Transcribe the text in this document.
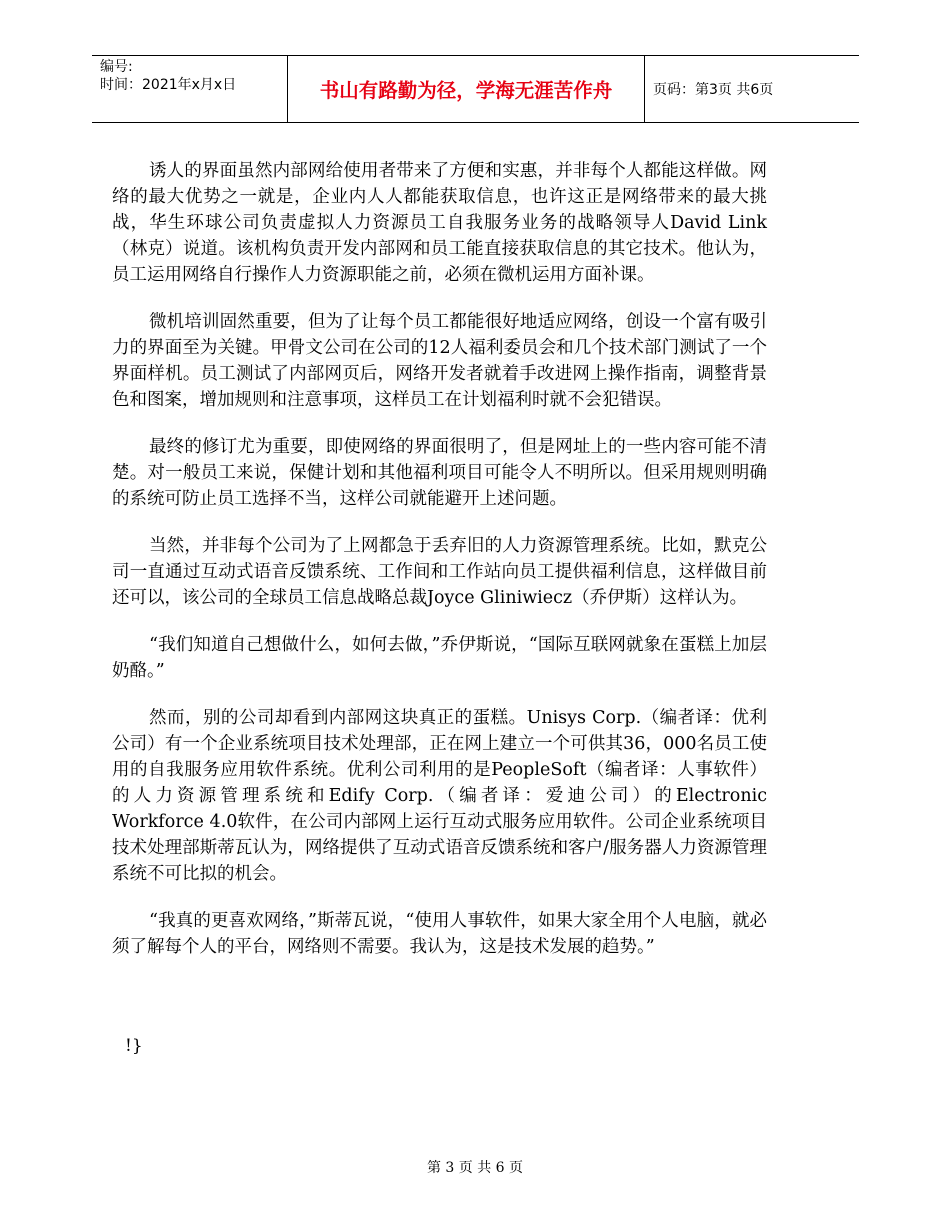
编号:
时间：2021年x月x日	书山有路勤为径，学海无涯苦作舟	页码：第3页 共6页

诱人的界面虽然内部网给使用者带来了方便和实惠，并非每个人都能这样做。网络的最大优势之一就是，企业内人人都能获取信息，也许这正是网络带来的最大挑战，华生环球公司负责虚拟人力资源员工自我服务业务的战略领导人David Link（林克）说道。该机构负责开发内部网和员工能直接获取信息的其它技术。他认为，员工运用网络自行操作人力资源职能之前，必须在微机运用方面补课。

微机培训固然重要，但为了让每个员工都能很好地适应网络，创设一个富有吸引力的界面至为关键。甲骨文公司在公司的12人福利委员会和几个技术部门测试了一个界面样机。员工测试了内部网页后，网络开发者就着手改进网上操作指南，调整背景色和图案，增加规则和注意事项，这样员工在计划福利时就不会犯错误。

最终的修订尤为重要，即使网络的界面很明了，但是网址上的一些内容可能不清楚。对一般员工来说，保健计划和其他福利项目可能令人不明所以。但采用规则明确的系统可防止员工选择不当，这样公司就能避开上述问题。

当然，并非每个公司为了上网都急于丢弃旧的人力资源管理系统。比如，默克公司一直通过互动式语音反馈系统、工作间和工作站向员工提供福利信息，这样做目前还可以，该公司的全球员工信息战略总裁Joyce Gliniwiecz（乔伊斯）这样认为。

“我们知道自己想做什么，如何去做，”乔伊斯说，“国际互联网就象在蛋糕上加层奶酪。”

然而，别的公司却看到内部网这块真正的蛋糕。Unisys Corp.（编者译：优利公司）有一个企业系统项目技术处理部，正在网上建立一个可供其36，000名员工使用的自我服务应用软件系统。优利公司利用的是PeopleSoft（编者译：人事软件）的人力资源管理系统和Edify Corp.（编者译：爱迪公司）的Electronic Workforce 4.0软件，在公司内部网上运行互动式服务应用软件。公司企业系统项目技术处理部斯蒂瓦认为，网络提供了互动式语音反馈系统和客户/服务器人力资源管理系统不可比拟的机会。

“我真的更喜欢网络，”斯蒂瓦说，“使用人事软件，如果大家全用个人电脑，就必须了解每个人的平台，网络则不需要。我认为，这是技术发展的趋势。”

!}
第 3 页 共 6 页
